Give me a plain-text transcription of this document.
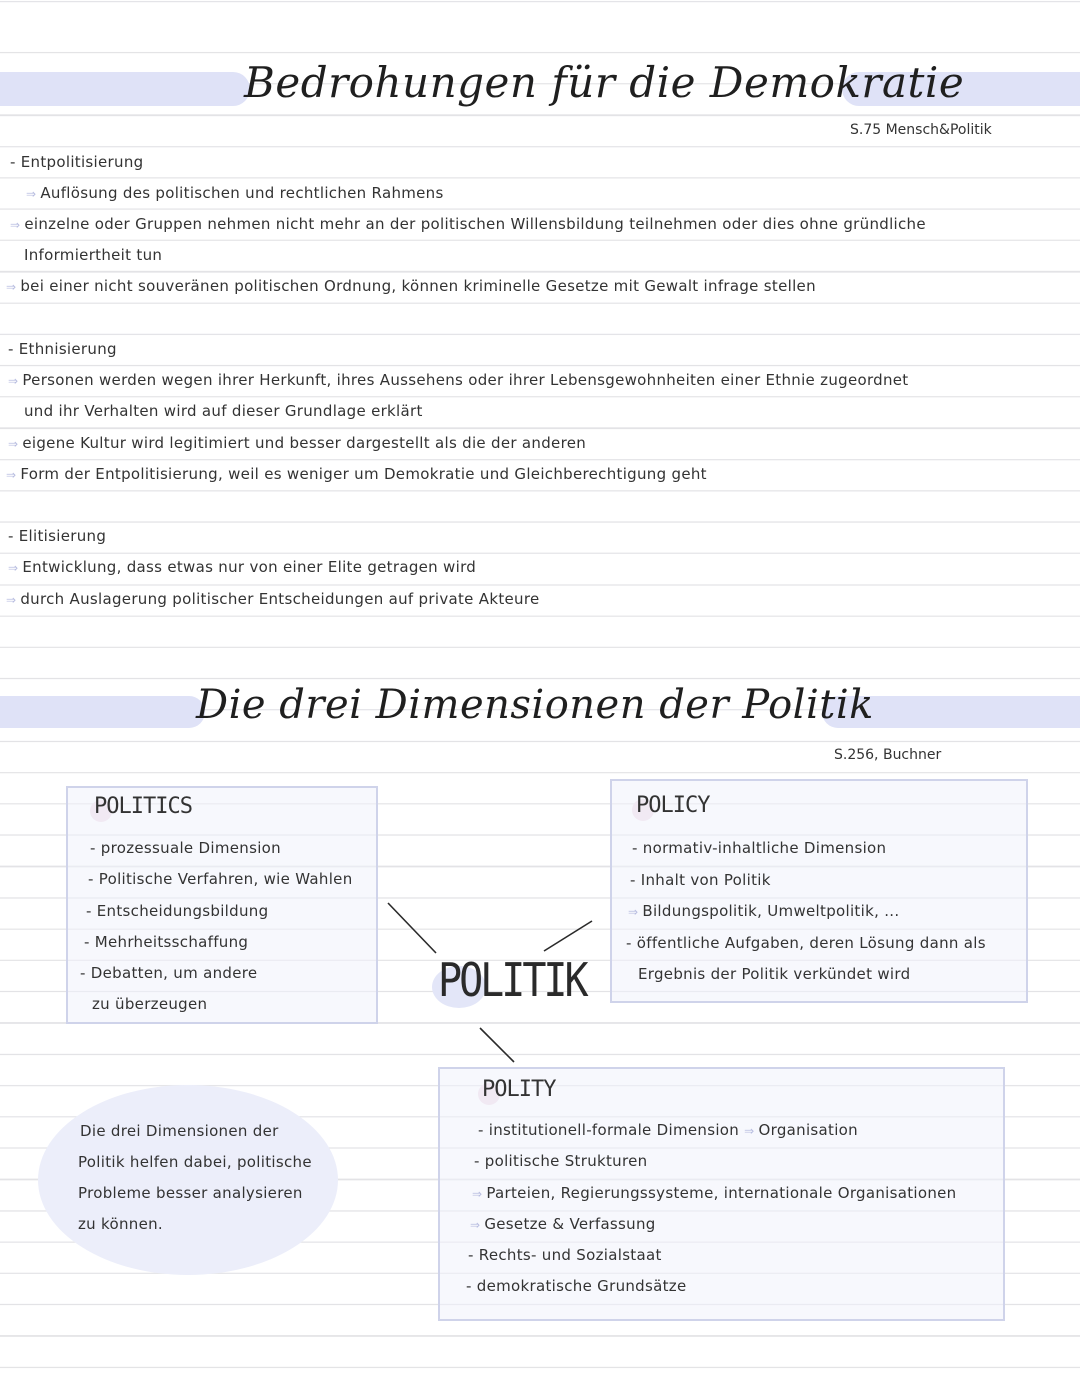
Bedrohungen für die Demokratie
S.75 Mensch&Politik
- Entpolitisierung
⇒ Auflösung des politischen und rechtlichen Rahmens
⇒ einzelne oder Gruppen nehmen nicht mehr an der politischen Willensbildung teilnehmen oder dies ohne gründliche
Informiertheit tun
⇒ bei einer nicht souveränen politischen Ordnung, können kriminelle Gesetze mit Gewalt infrage stellen
- Ethnisierung
⇒ Personen werden wegen ihrer Herkunft, ihres Aussehens oder ihrer Lebensgewohnheiten einer Ethnie zugeordnet
und ihr Verhalten wird auf dieser Grundlage erklärt
⇒ eigene Kultur wird legitimiert und besser dargestellt als die der anderen
⇒ Form der Entpolitisierung, weil es weniger um Demokratie und Gleichberechtigung geht
- Elitisierung
⇒ Entwicklung, dass etwas nur von einer Elite getragen wird
⇒ durch Auslagerung politischer Entscheidungen auf private Akteure
Die drei Dimensionen der Politik
S.256, Buchner
POLITICS
- prozessuale Dimension
- Politische Verfahren, wie Wahlen
- Entscheidungsbildung
- Mehrheitsschaffung
- Debatten, um andere
zu überzeugen
POLICY
- normativ-inhaltliche Dimension
- Inhalt von Politik
⇒ Bildungspolitik, Umweltpolitik, ...
- öffentliche Aufgaben, deren Lösung dann als
Ergebnis der Politik verkündet wird
POLITIK
POLITY
- institutionell-formale Dimension ⇒ Organisation
- politische Strukturen
⇒ Parteien, Regierungssysteme, internationale Organisationen
⇒ Gesetze & Verfassung
- Rechts- und Sozialstaat
- demokratische Grundsätze
Die drei Dimensionen der
Politik helfen dabei, politische
Probleme besser analysieren
zu können.
